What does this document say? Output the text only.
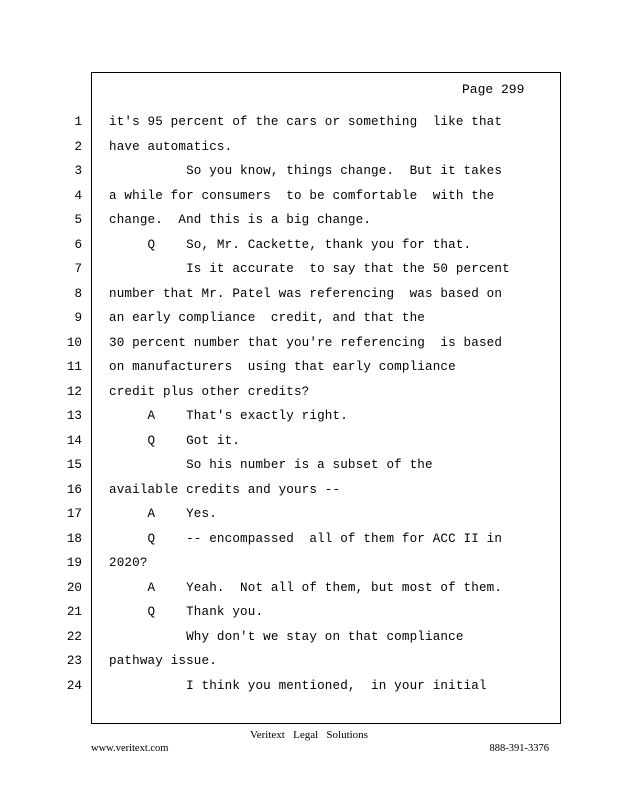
Page 299
1 it's 95 percent of the cars or something  like that
2 have automatics.
3 So you know, things change.  But it takes
4 a while for consumers  to be comfortable  with the
5 change.  And this is a big change.
6 Q    So, Mr. Cackette, thank you for that.
7 Is it accurate  to say that the 50 percent
8 number that Mr. Patel was referencing  was based on
9 an early compliance  credit, and that the
10 30 percent number that you're referencing  is based
11 on manufacturers  using that early compliance
12 credit plus other credits?
13 A    That's exactly right.
14 Q    Got it.
15 So his number is a subset of the
16 available credits and yours --
17 A    Yes.
18 Q    -- encompassed  all of them for ACC II in
19 2020?
20 A    Yeah.  Not all of them, but most of them.
21 Q    Thank you.
22 Why don't we stay on that compliance
23 pathway issue.
24 I think you mentioned,  in your initial
Veritext   Legal   Solutions
www.veritext.com	888-391-3376
